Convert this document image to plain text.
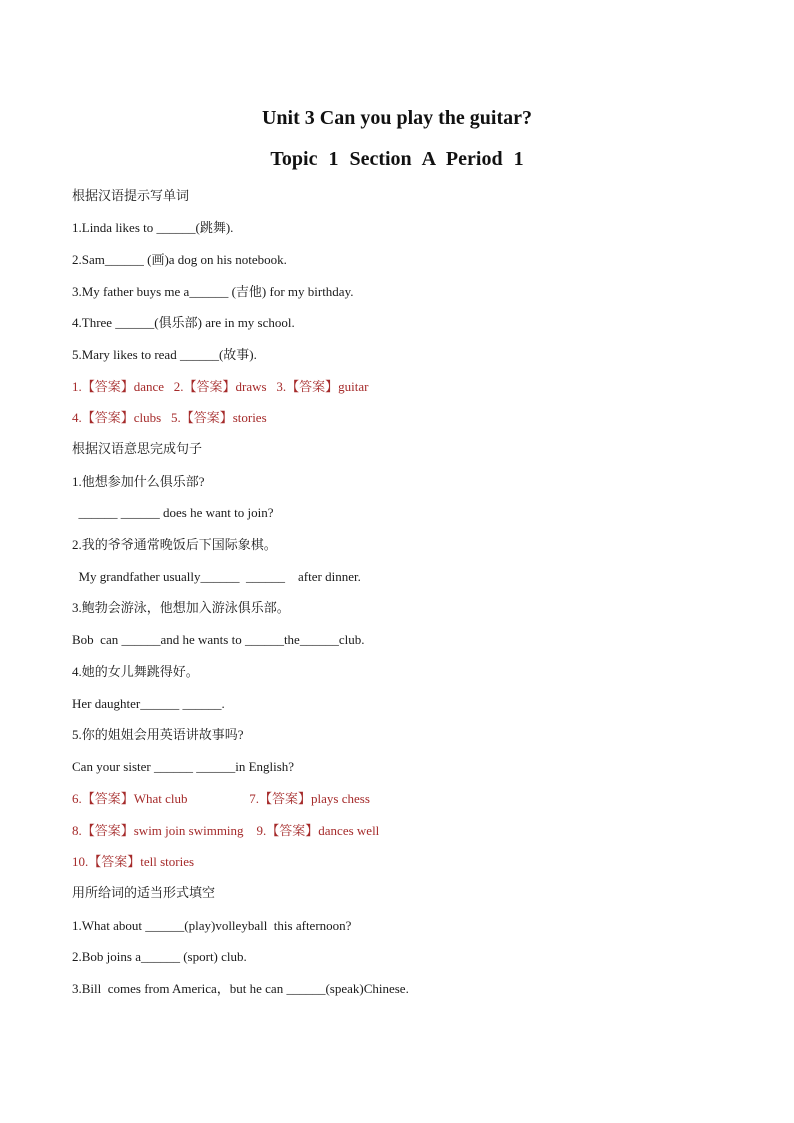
Unit 3 Can you play the guitar?
Topic 1 Section A Period 1
根据汉语提示写单词
1.Linda likes to ______(跳舞).
2.Sam______ (画)a dog on his notebook.
3.My father buys me a______ (吉他) for my birthday.
4.Three ______(俱乐部) are in my school.
5.Mary likes to read ______(故事).
1.【答案】dance   2.【答案】draws   3.【答案】guitar
4.【答案】clubs   5.【答案】stories
根据汉语意思完成句子
1.他想参加什么俱乐部?
______ ______ does he want to join?
2.我的爷爷通常晚饭后下国际象棋。
My grandfather usually______  ______    after dinner.
3.鲍勃会游泳，他想加入游泳俱乐部。
Bob  can ______and he wants to ______the______club.
4.她的女儿舞跳得好。
Her daughter______ ______.
5.你的姐姐会用英语讲故事吗?
Can your sister ______ ______in English?
6.【答案】What club                   7.【答案】plays chess
8.【答案】swim join swimming    9.【答案】dances well
10.【答案】tell stories
用所给词的适当形式填空
1.What about ______(play)volleyball  this afternoon?
2.Bob joins a______ (sport) club.
3.Bill  comes from America，but he can ______(speak)Chinese.
